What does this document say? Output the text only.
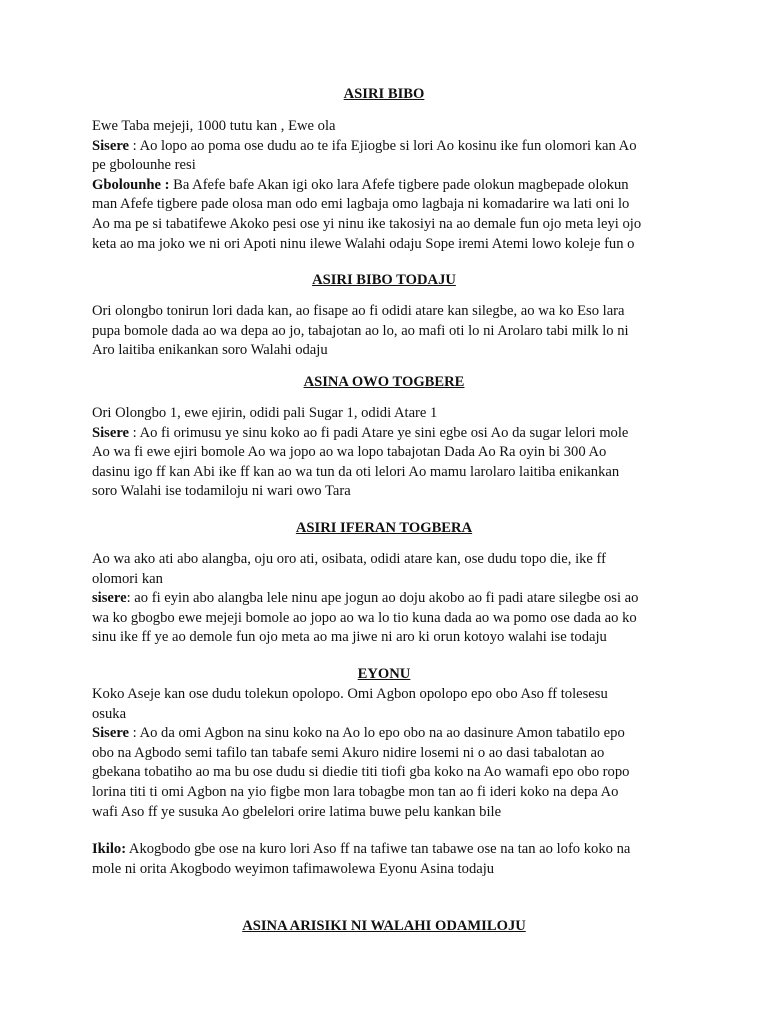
ASIRI BIBO
Ewe Taba mejeji, 1000 tutu kan , Ewe ola
Sisere : Ao lopo ao poma ose dudu ao te ifa Ejiogbe si lori Ao kosinu ike fun olomori kan Ao
pe gbolounhe resi
Gbolounhe : Ba Afefe bafe Akan igi oko lara Afefe tigbere pade olokun magbepade olokun
man Afefe tigbere pade olosa man odo emi lagbaja omo lagbaja ni komadarire wa lati oni lo
Ao ma pe si tabatifewe Akoko pesi ose yi ninu ike takosiyi na ao demale fun ojo meta leyi ojo
keta ao ma joko we ni ori Apoti ninu ilewe Walahi odaju Sope iremi Atemi lowo koleje fun o
ASIRI BIBO TODAJU
Ori olongbo tonirun lori dada kan, ao fisape ao fi odidi atare kan silegbe, ao wa ko Eso lara
pupa bomole dada ao wa depa ao jo, tabajotan ao lo, ao mafi oti lo ni Arolaro tabi milk lo ni
Aro laitiba enikankan soro Walahi odaju
ASINA OWO TOGBERE
Ori Olongbo 1, ewe ejirin, odidi pali Sugar 1, odidi Atare 1
Sisere : Ao fi orimusu ye sinu koko ao fi padi Atare ye sini egbe osi Ao da sugar lelori mole
Ao wa fi ewe ejiri bomole Ao wa jopo ao wa lopo tabajotan Dada Ao Ra oyin bi 300 Ao
dasinu igo ff kan Abi ike ff kan ao wa tun da oti lelori Ao mamu larolaro laitiba enikankan
soro Walahi ise todamiloju ni wari owo Tara
ASIRI IFERAN TOGBERA
Ao wa ako ati abo alangba, oju oro ati, osibata, odidi atare kan, ose dudu topo die, ike ff
olomori kan
sisere: ao fi eyin abo alangba lele ninu ape jogun ao doju akobo ao fi padi atare silegbe osi ao
wa ko gbogbo ewe mejeji bomole ao jopo ao wa lo tio kuna dada ao wa pomo ose dada ao ko
sinu ike ff ye ao demole fun ojo meta ao ma jiwe ni aro ki orun kotoyo walahi ise todaju
EYONU
Koko Aseje kan ose dudu tolekun opolopo. Omi Agbon opolopo epo obo Aso ff tolesesu
osuka
Sisere : Ao da omi Agbon na sinu koko na Ao lo epo obo na ao dasinure Amon tabatilo epo
obo na Agbodo semi tafilo tan tabafe semi Akuro nidire losemi ni o ao dasi tabalotan ao
gbekana tobatiho ao ma bu ose dudu si diedie titi tiofi gba koko na Ao wamafi epo obo ropo
lorina titi ti omi Agbon na yio figbe mon lara tobagbe mon tan ao fi ideri koko na depa Ao
wafi Aso ff ye susuka Ao gbelelori orire latima buwe pelu kankan bile
Ikilo: Akogbodo gbe ose na kuro lori Aso ff na tafiwe tan tabawe ose na tan ao lofo koko na
mole ni orita Akogbodo weyimon tafimawolewa Eyonu Asina todaju
ASINA ARISIKI NI WALAHI ODAMILOJU
